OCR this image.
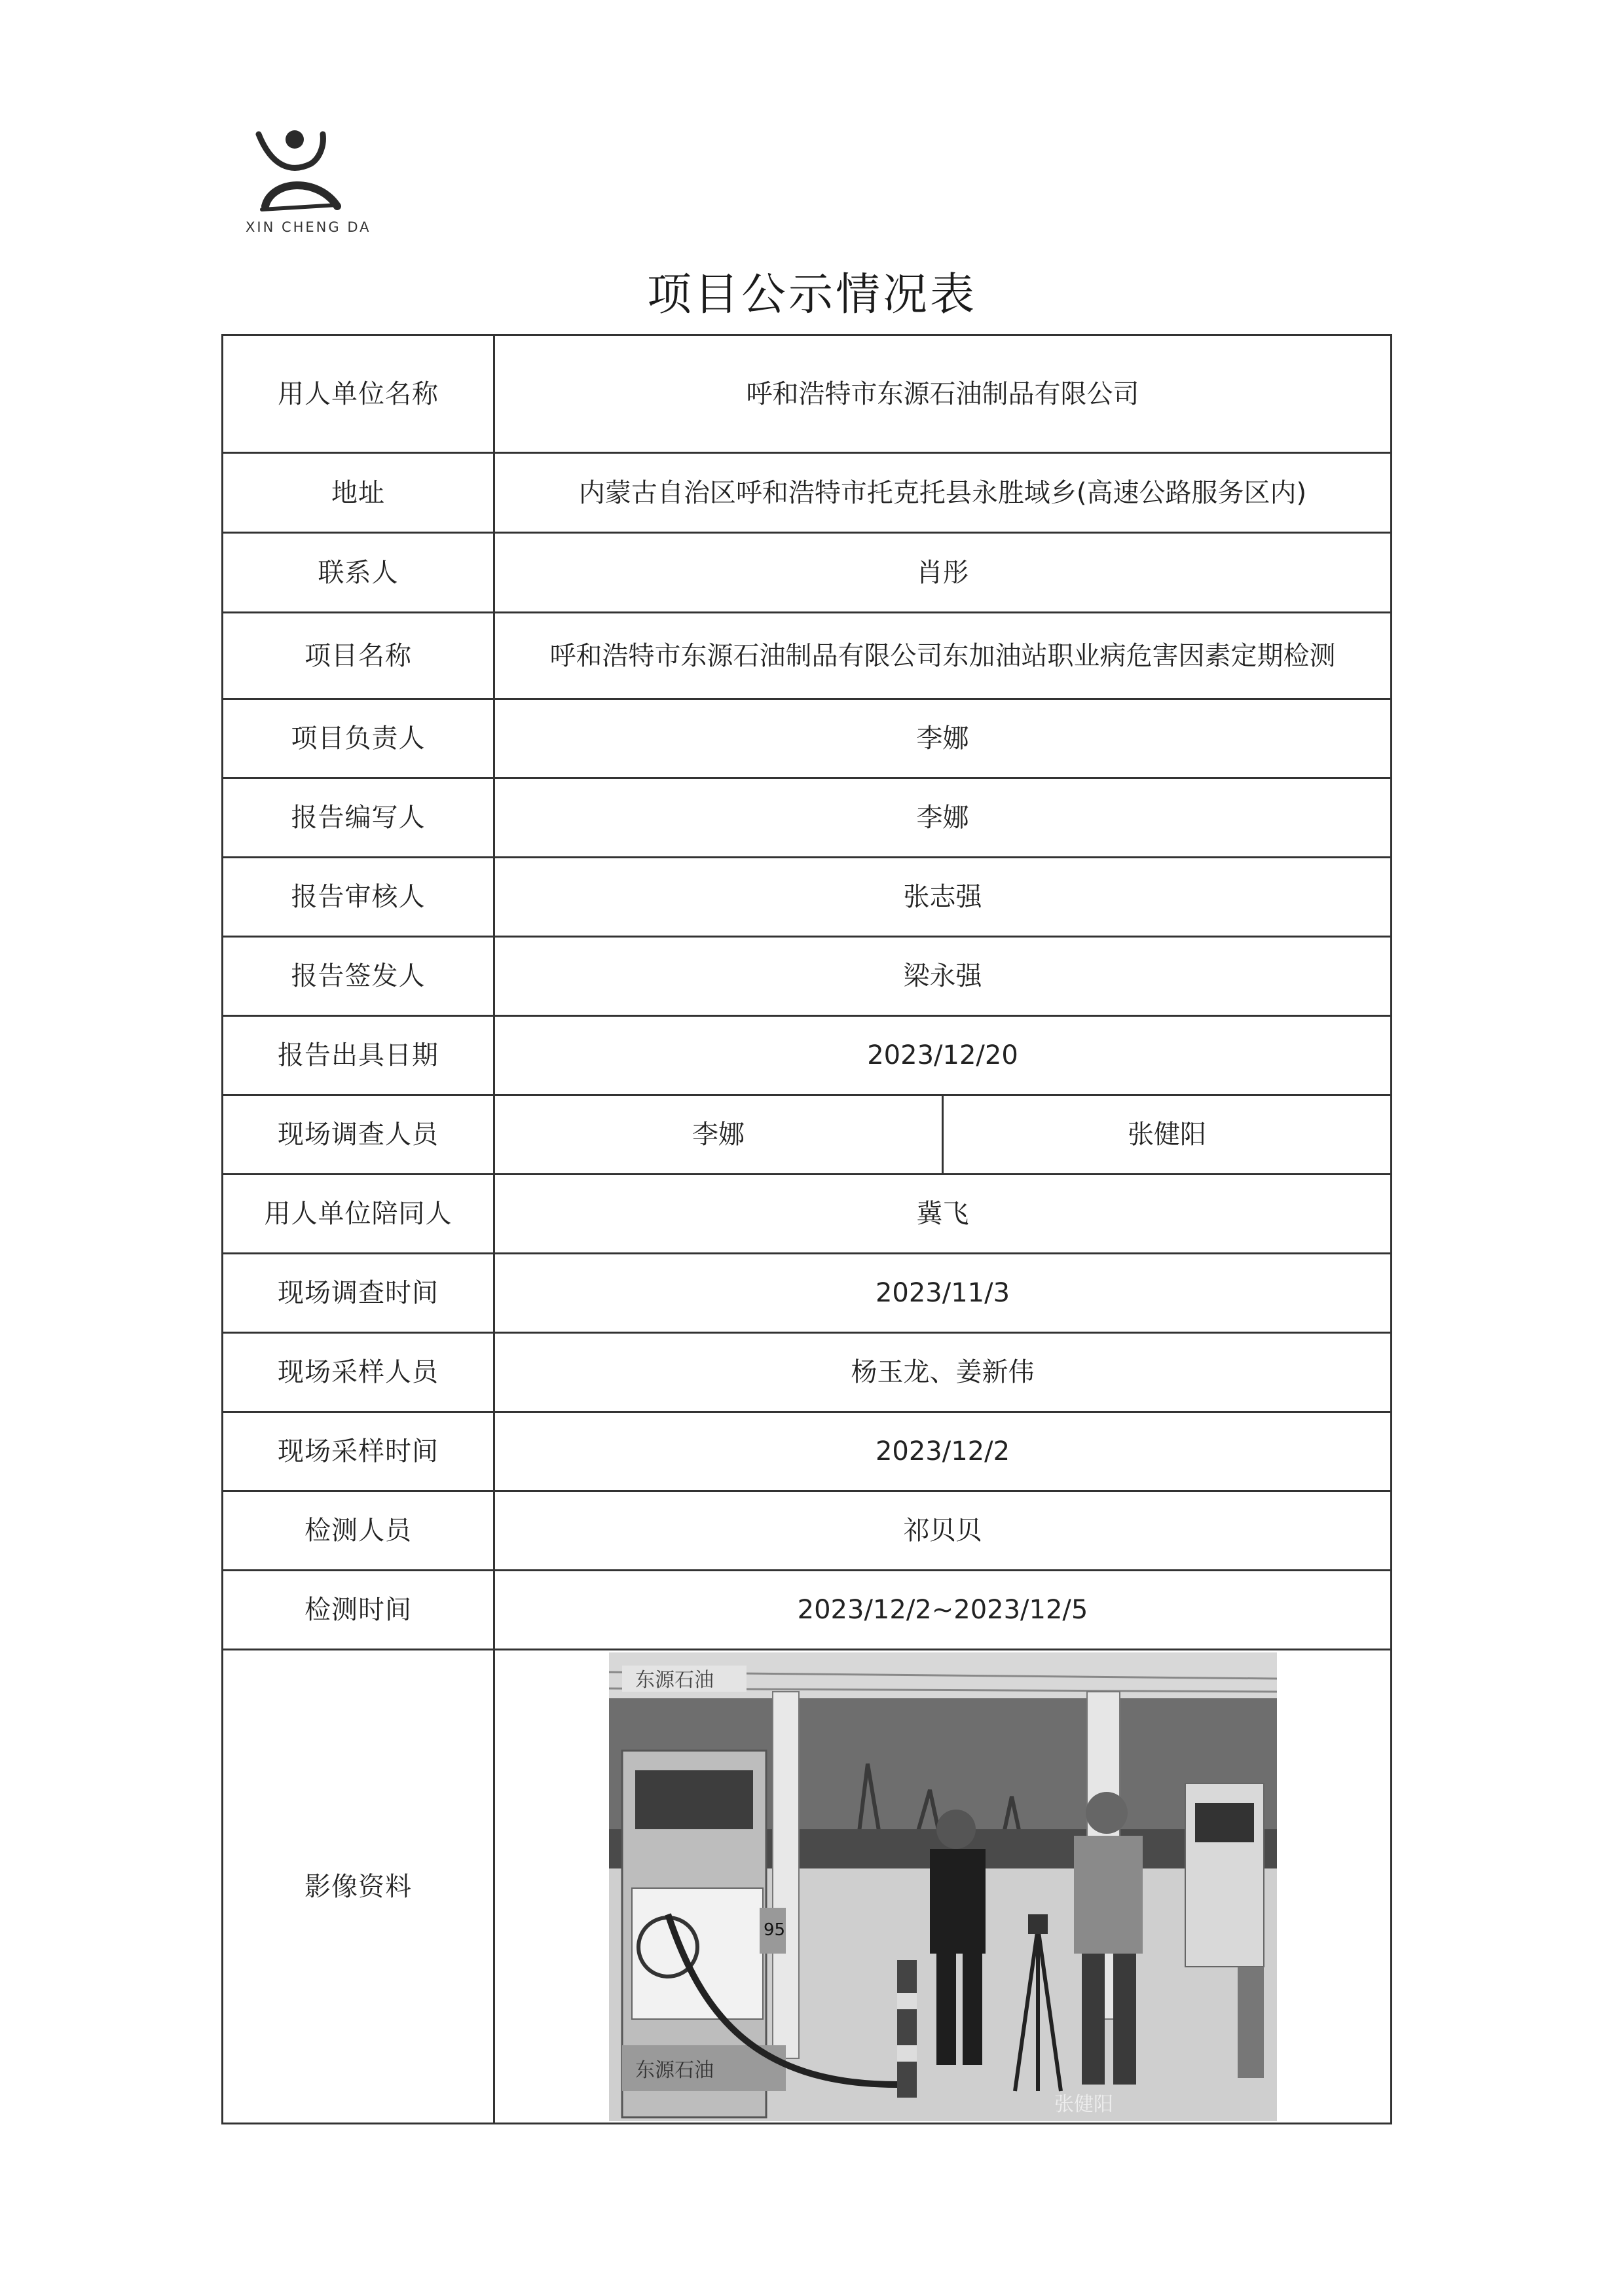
XIN CHENG DA
项目公示情况表
用人单位名称	呼和浩特市东源石油制品有限公司	
地址	内蒙古自治区呼和浩特市托克托县永胜域乡(高速公路服务区内)	
联系人	肖彤	
项目名称	呼和浩特市东源石油制品有限公司东加油站职业病危害因素定期检测	
项目负责人	李娜	
报告编写人	李娜	
报告审核人	张志强	
报告签发人	梁永强	
报告出具日期	2023/12/20	
现场调查人员	李娜	张健阳
用人单位陪同人	冀飞	
现场调查时间	2023/11/3	
现场采样人员	杨玉龙、姜新伟	
现场采样时间	2023/12/2	
检测人员	祁贝贝	
检测时间	2023/12/2~2023/12/5	
影像资料	东源石油
95
东源石油
张健阳	
